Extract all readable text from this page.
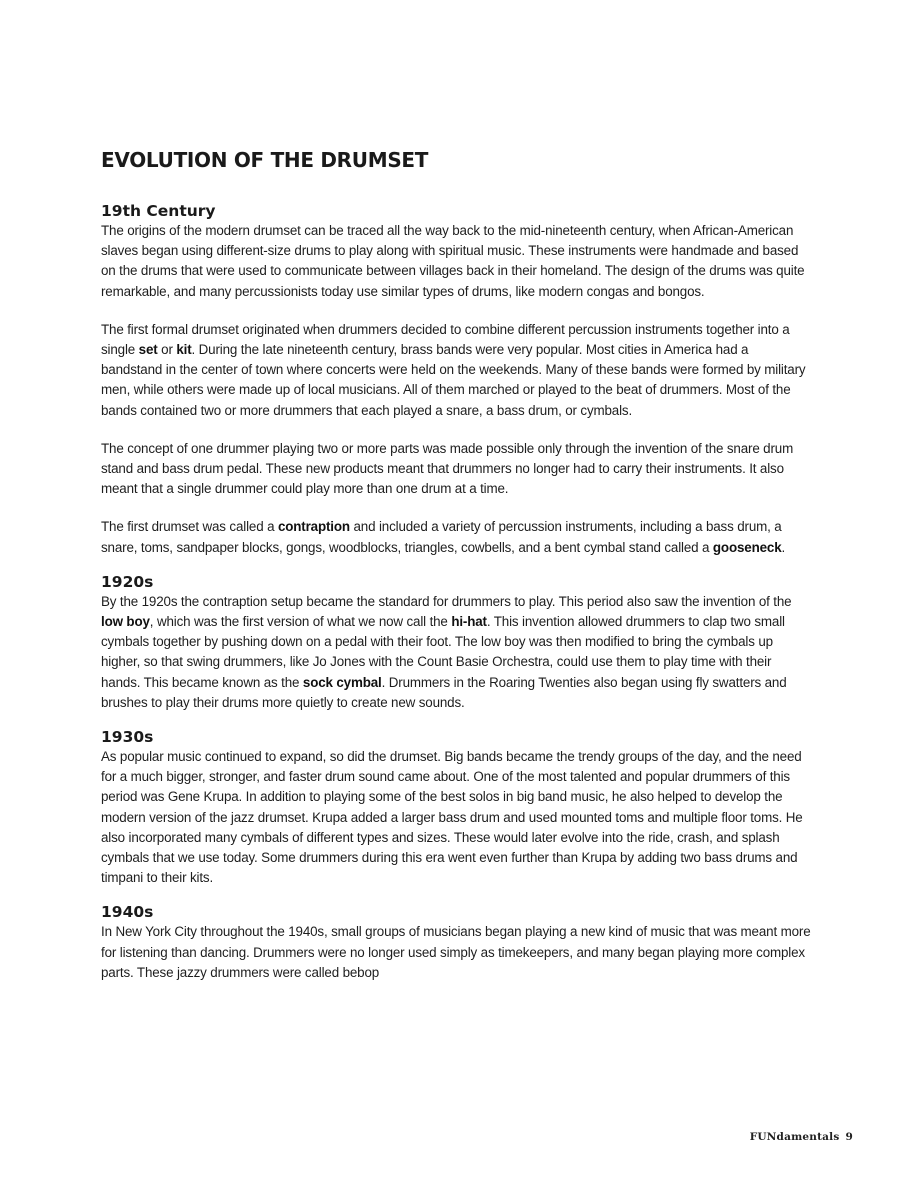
EVOLUTION OF THE DRUMSET
19th Century

The origins of the modern drumset can be traced all the way back to the mid-nineteenth century, when African-American slaves began using different-size drums to play along with spiritual music. These instruments were handmade and based on the drums that were used to communicate between villages back in their homeland. The design of the drums was quite remarkable, and many percussionists today use similar types of drums, like modern congas and bongos.

The first formal drumset originated when drummers decided to combine different percussion instruments together into a single set or kit. During the late nineteenth century, brass bands were very popular. Most cities in America had a bandstand in the center of town where concerts were held on the weekends. Many of these bands were formed by military men, while others were made up of local musicians. All of them marched or played to the beat of drummers. Most of the bands contained two or more drummers that each played a snare, a bass drum, or cymbals.

The concept of one drummer playing two or more parts was made possible only through the invention of the snare drum stand and bass drum pedal. These new products meant that drummers no longer had to carry their instruments. It also meant that a single drummer could play more than one drum at a time.

The first drumset was called a contraption and included a variety of percussion instruments, including a bass drum, a snare, toms, sandpaper blocks, gongs, woodblocks, triangles, cowbells, and a bent cymbal stand called a gooseneck.

1920s

By the 1920s the contraption setup became the standard for drummers to play. This period also saw the invention of the low boy, which was the first version of what we now call the hi-hat. This invention allowed drummers to clap two small cymbals together by pushing down on a pedal with their foot. The low boy was then modified to bring the cymbals up higher, so that swing drummers, like Jo Jones with the Count Basie Orchestra, could use them to play time with their hands. This became known as the sock cymbal. Drummers in the Roaring Twenties also began using fly swatters and brushes to play their drums more quietly to create new sounds.

1930s

As popular music continued to expand, so did the drumset. Big bands became the trendy groups of the day, and the need for a much bigger, stronger, and faster drum sound came about. One of the most talented and popular drummers of this period was Gene Krupa. In addition to playing some of the best solos in big band music, he also helped to develop the modern version of the jazz drumset. Krupa added a larger bass drum and used mounted toms and multiple floor toms. He also incorporated many cymbals of different types and sizes. These would later evolve into the ride, crash, and splash cymbals that we use today. Some drummers during this era went even further than Krupa by adding two bass drums and timpani to their kits.

1940s

In New York City throughout the 1940s, small groups of musicians began playing a new kind of music that was meant more for listening than dancing. Drummers were no longer used simply as timekeepers, and many began playing more complex parts. These jazzy drummers were called bebop

FUNdamentals 9
